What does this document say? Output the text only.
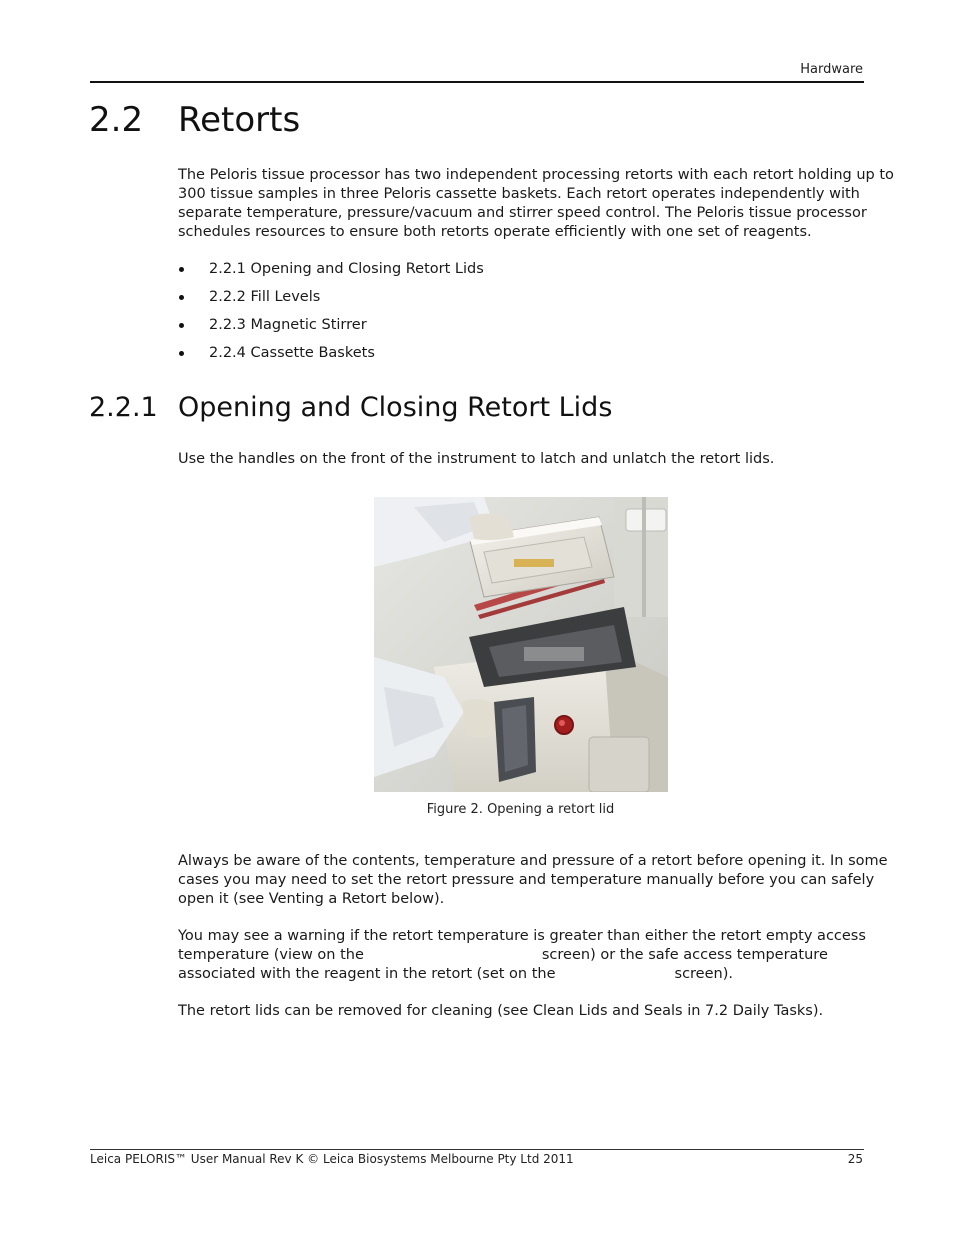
Hardware
2.2 Retorts

The Peloris tissue processor has two independent processing retorts with each retort holding up to
300 tissue samples in three Peloris cassette baskets. Each retort operates independently with
separate temperature, pressure/vacuum and stirrer speed control. The Peloris tissue processor
schedules resources to ensure both retorts operate efficiently with one set of reagents.

2.2.1 Opening and Closing Retort Lids
2.2.2 Fill Levels
2.2.3 Magnetic Stirrer
2.2.4 Cassette Baskets
2.2.1 Opening and Closing Retort Lids

Use the handles on the front of the instrument to latch and unlatch the retort lids.

Figure 2. Opening a retort lid

Always be aware of the contents, temperature and pressure of a retort before opening it. In some
cases you may need to set the retort pressure and temperature manually before you can safely
open it (see Venting a Retort below).

You may see a warning if the retort temperature is greater than either the retort empty access
temperature (view on the	screen) or the safe access temperature
associated with the reagent in the retort (set on the	screen).

The retort lids can be removed for cleaning (see Clean Lids and Seals in 7.2 Daily Tasks).

Leica PELORIS™ User Manual Rev K © Leica Biosystems Melbourne Pty Ltd 2011	25
